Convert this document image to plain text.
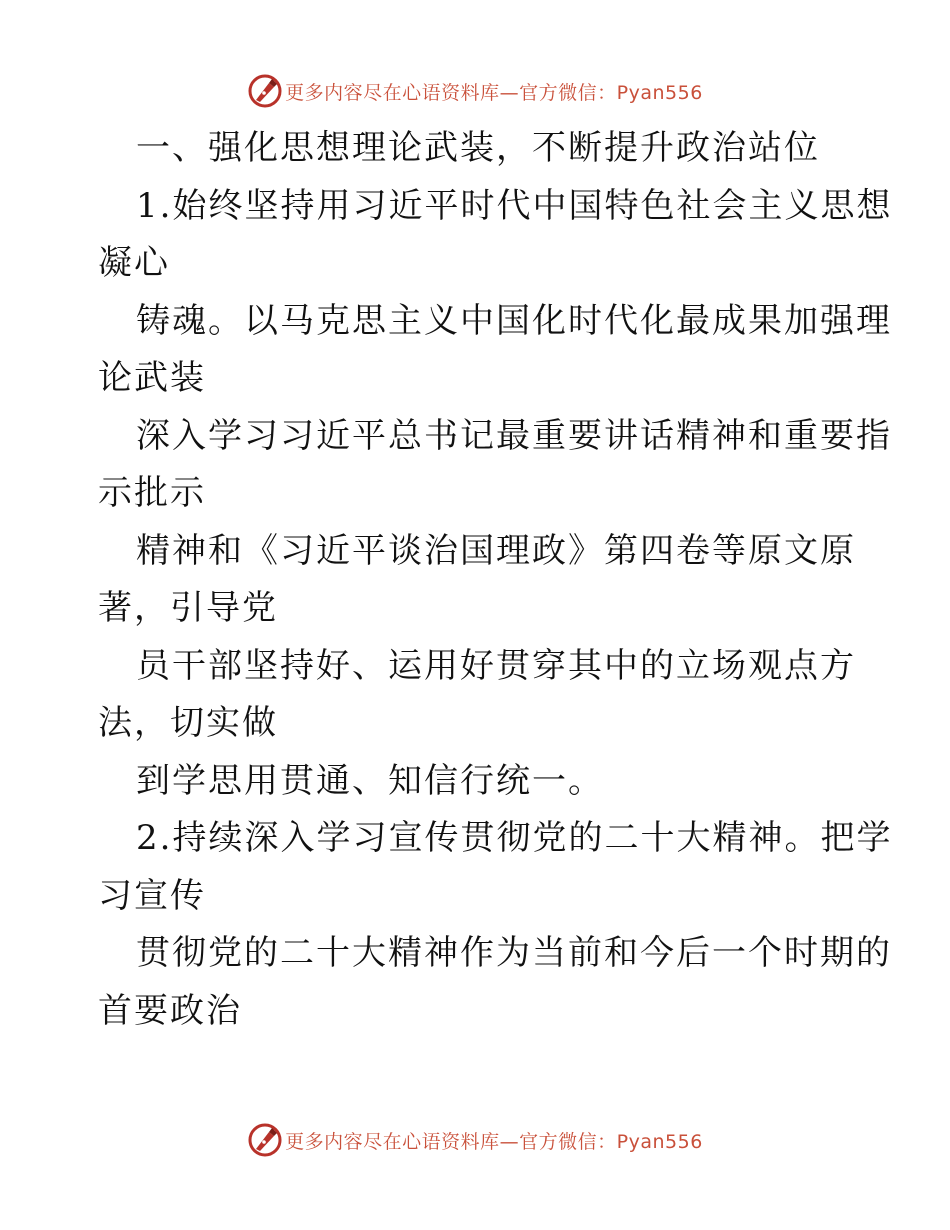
更多内容尽在心语资料库—官方微信：Pyan556
一、强化思想理论武装，不断提升政治站位
1.始终坚持用习近平时代中国特色社会主义思想
凝心
铸魂。以马克思主义中国化时代化最成果加强理
论武装
深入学习习近平总书记最重要讲话精神和重要指
示批示
精神和《习近平谈治国理政》第四卷等原文原
著，引导党
员干部坚持好、运用好贯穿其中的立场观点方
法，切实做
到学思用贯通、知信行统一。
2.持续深入学习宣传贯彻党的二十大精神。把学
习宣传
贯彻党的二十大精神作为当前和今后一个时期的
首要政治
更多内容尽在心语资料库—官方微信：Pyan556
